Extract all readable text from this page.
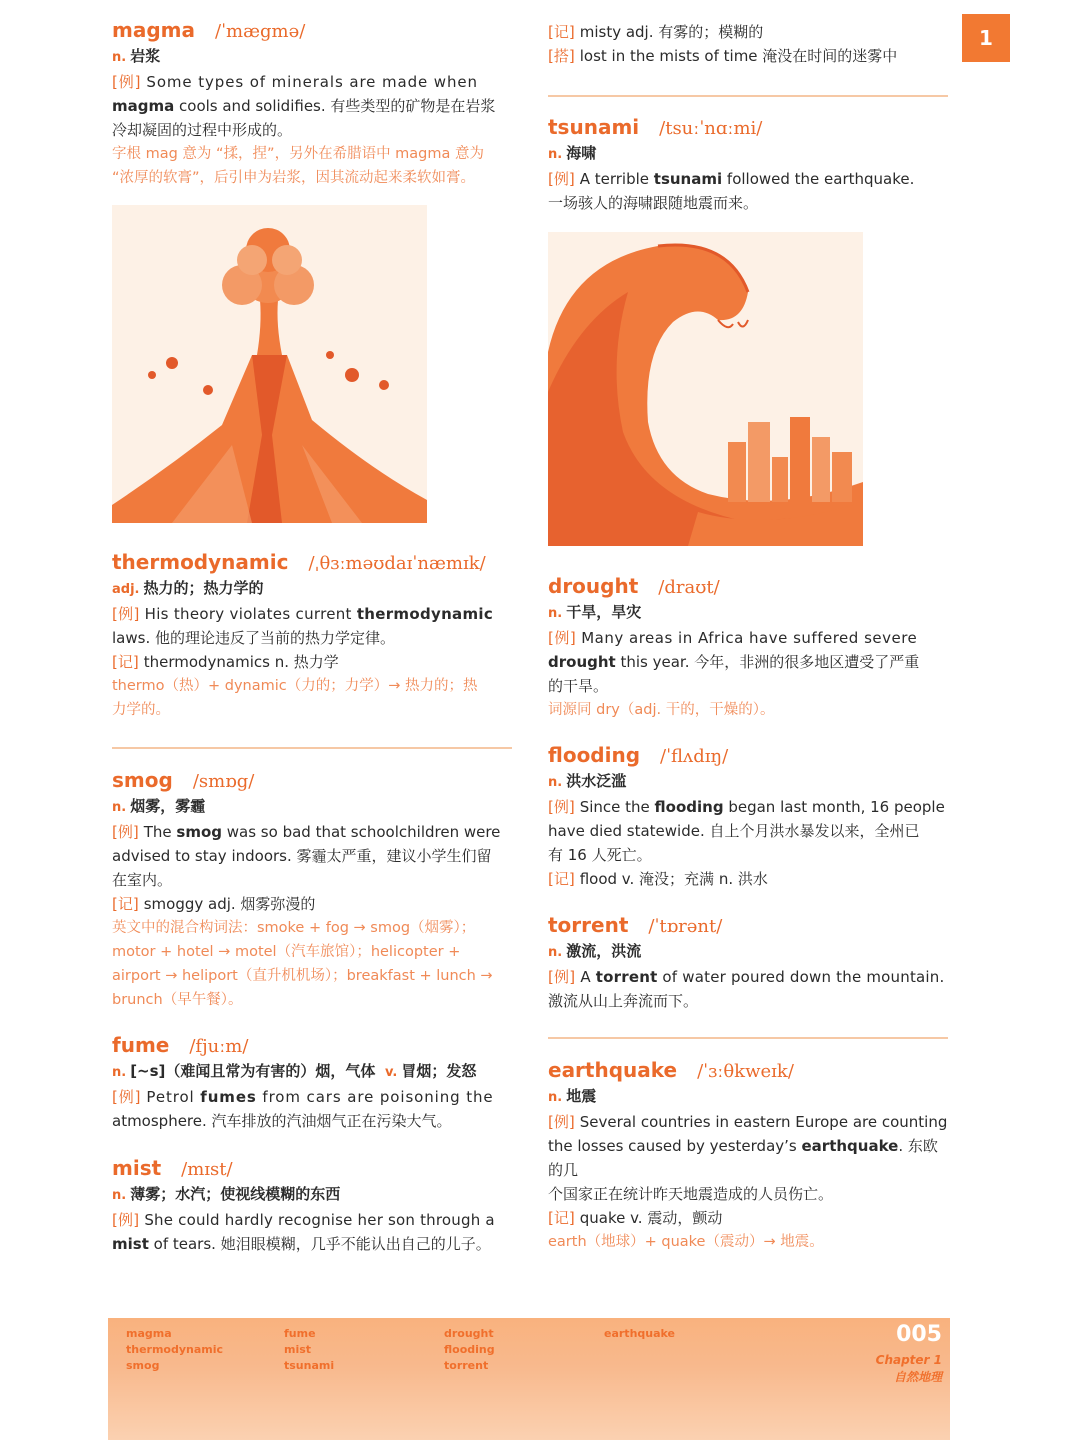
1
magma /ˈmægmə/

n. 岩浆

[例] Some types of minerals are made when

magma cools and solidifies. 有些类型的矿物是在岩浆

冷却凝固的过程中形成的。

字根 mag 意为 “揉，捏”，另外在希腊语中 magma 意为

“浓厚的软膏”，后引申为岩浆，因其流动起来柔软如膏。

thermodynamic /ˌθɜːməʊdaɪˈnæmɪk/

adj. 热力的；热力学的

[例] His theory violates current thermodynamic

laws. 他的理论违反了当前的热力学定律。

[记] thermodynamics n. 热力学

thermo（热）+ dynamic（力的；力学）→ 热力的；热

力学的。

smog /smɒg/

n. 烟雾，雾霾

[例] The smog was so bad that schoolchildren were

advised to stay indoors. 雾霾太严重，建议小学生们留

在室内。

[记] smoggy adj. 烟雾弥漫的

英文中的混合构词法：smoke + fog → smog（烟雾）；

motor + hotel → motel（汽车旅馆）；helicopter +

airport → heliport（直升机机场）；breakfast + lunch →

brunch（早午餐）。

fume /fjuːm/

n. [~s]（难闻且常为有害的）烟，气体 v. 冒烟；发怒

[例] Petrol fumes from cars are poisoning the

atmosphere. 汽车排放的汽油烟气正在污染大气。

mist /mɪst/

n. 薄雾；水汽；使视线模糊的东西

[例] She could hardly recognise her son through a

mist of tears. 她泪眼模糊，几乎不能认出自己的儿子。

[记] misty adj. 有雾的；模糊的

[搭] lost in the mists of time 淹没在时间的迷雾中

tsunami /tsuːˈnɑːmi/

n. 海啸

[例] A terrible tsunami followed the earthquake.

一场骇人的海啸跟随地震而来。

drought /draʊt/

n. 干旱，旱灾

[例] Many areas in Africa have suffered severe

drought this year. 今年，非洲的很多地区遭受了严重

的干旱。

词源同 dry（adj. 干的，干燥的）。

flooding /ˈflʌdɪŋ/

n. 洪水泛滥

[例] Since the flooding began last month, 16 people

have died statewide. 自上个月洪水暴发以来，全州已

有 16 人死亡。

[记] flood v. 淹没；充满 n. 洪水

torrent /ˈtɒrənt/

n. 激流，洪流

[例] A torrent of water poured down the mountain.

激流从山上奔流而下。

earthquake /ˈɜːθkweɪk/

n. 地震

[例] Several countries in eastern Europe are counting

the losses caused by yesterday’s earthquake. 东欧的几

个国家正在统计昨天地震造成的人员伤亡。

[记] quake v. 震动，颤动

earth（地球）+ quake（震动）→ 地震。

magma
thermodynamic
smog
fume
mist
tsunami
drought
flooding
torrent
earthquake	005
Chapter 1
自然地理
